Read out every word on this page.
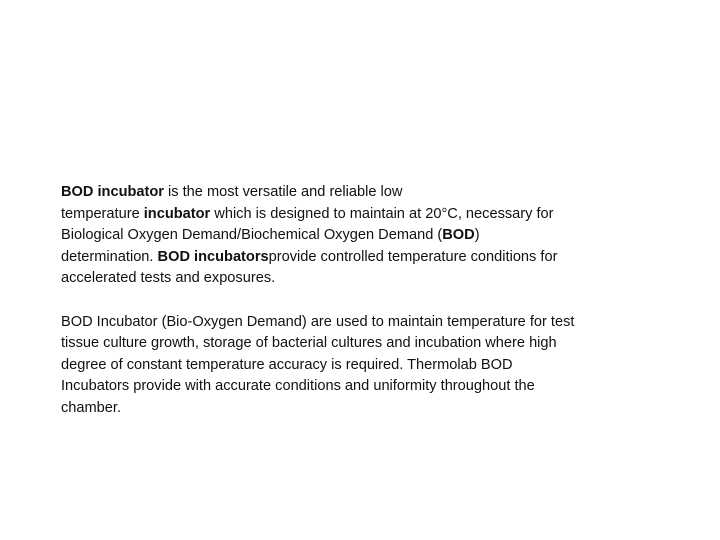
BOD incubator is the most versatile and reliable low
temperature incubator which is designed to maintain at 20°C, necessary for
Biological Oxygen Demand/Biochemical Oxygen Demand (BOD)
determination. BOD incubatorsprovide controlled temperature conditions for
accelerated tests and exposures.

BOD Incubator (Bio-Oxygen Demand) are used to maintain temperature for test
tissue culture growth, storage of bacterial cultures and incubation where high
degree of constant temperature accuracy is required. Thermolab BOD
Incubators provide with accurate conditions and uniformity throughout the
chamber.
